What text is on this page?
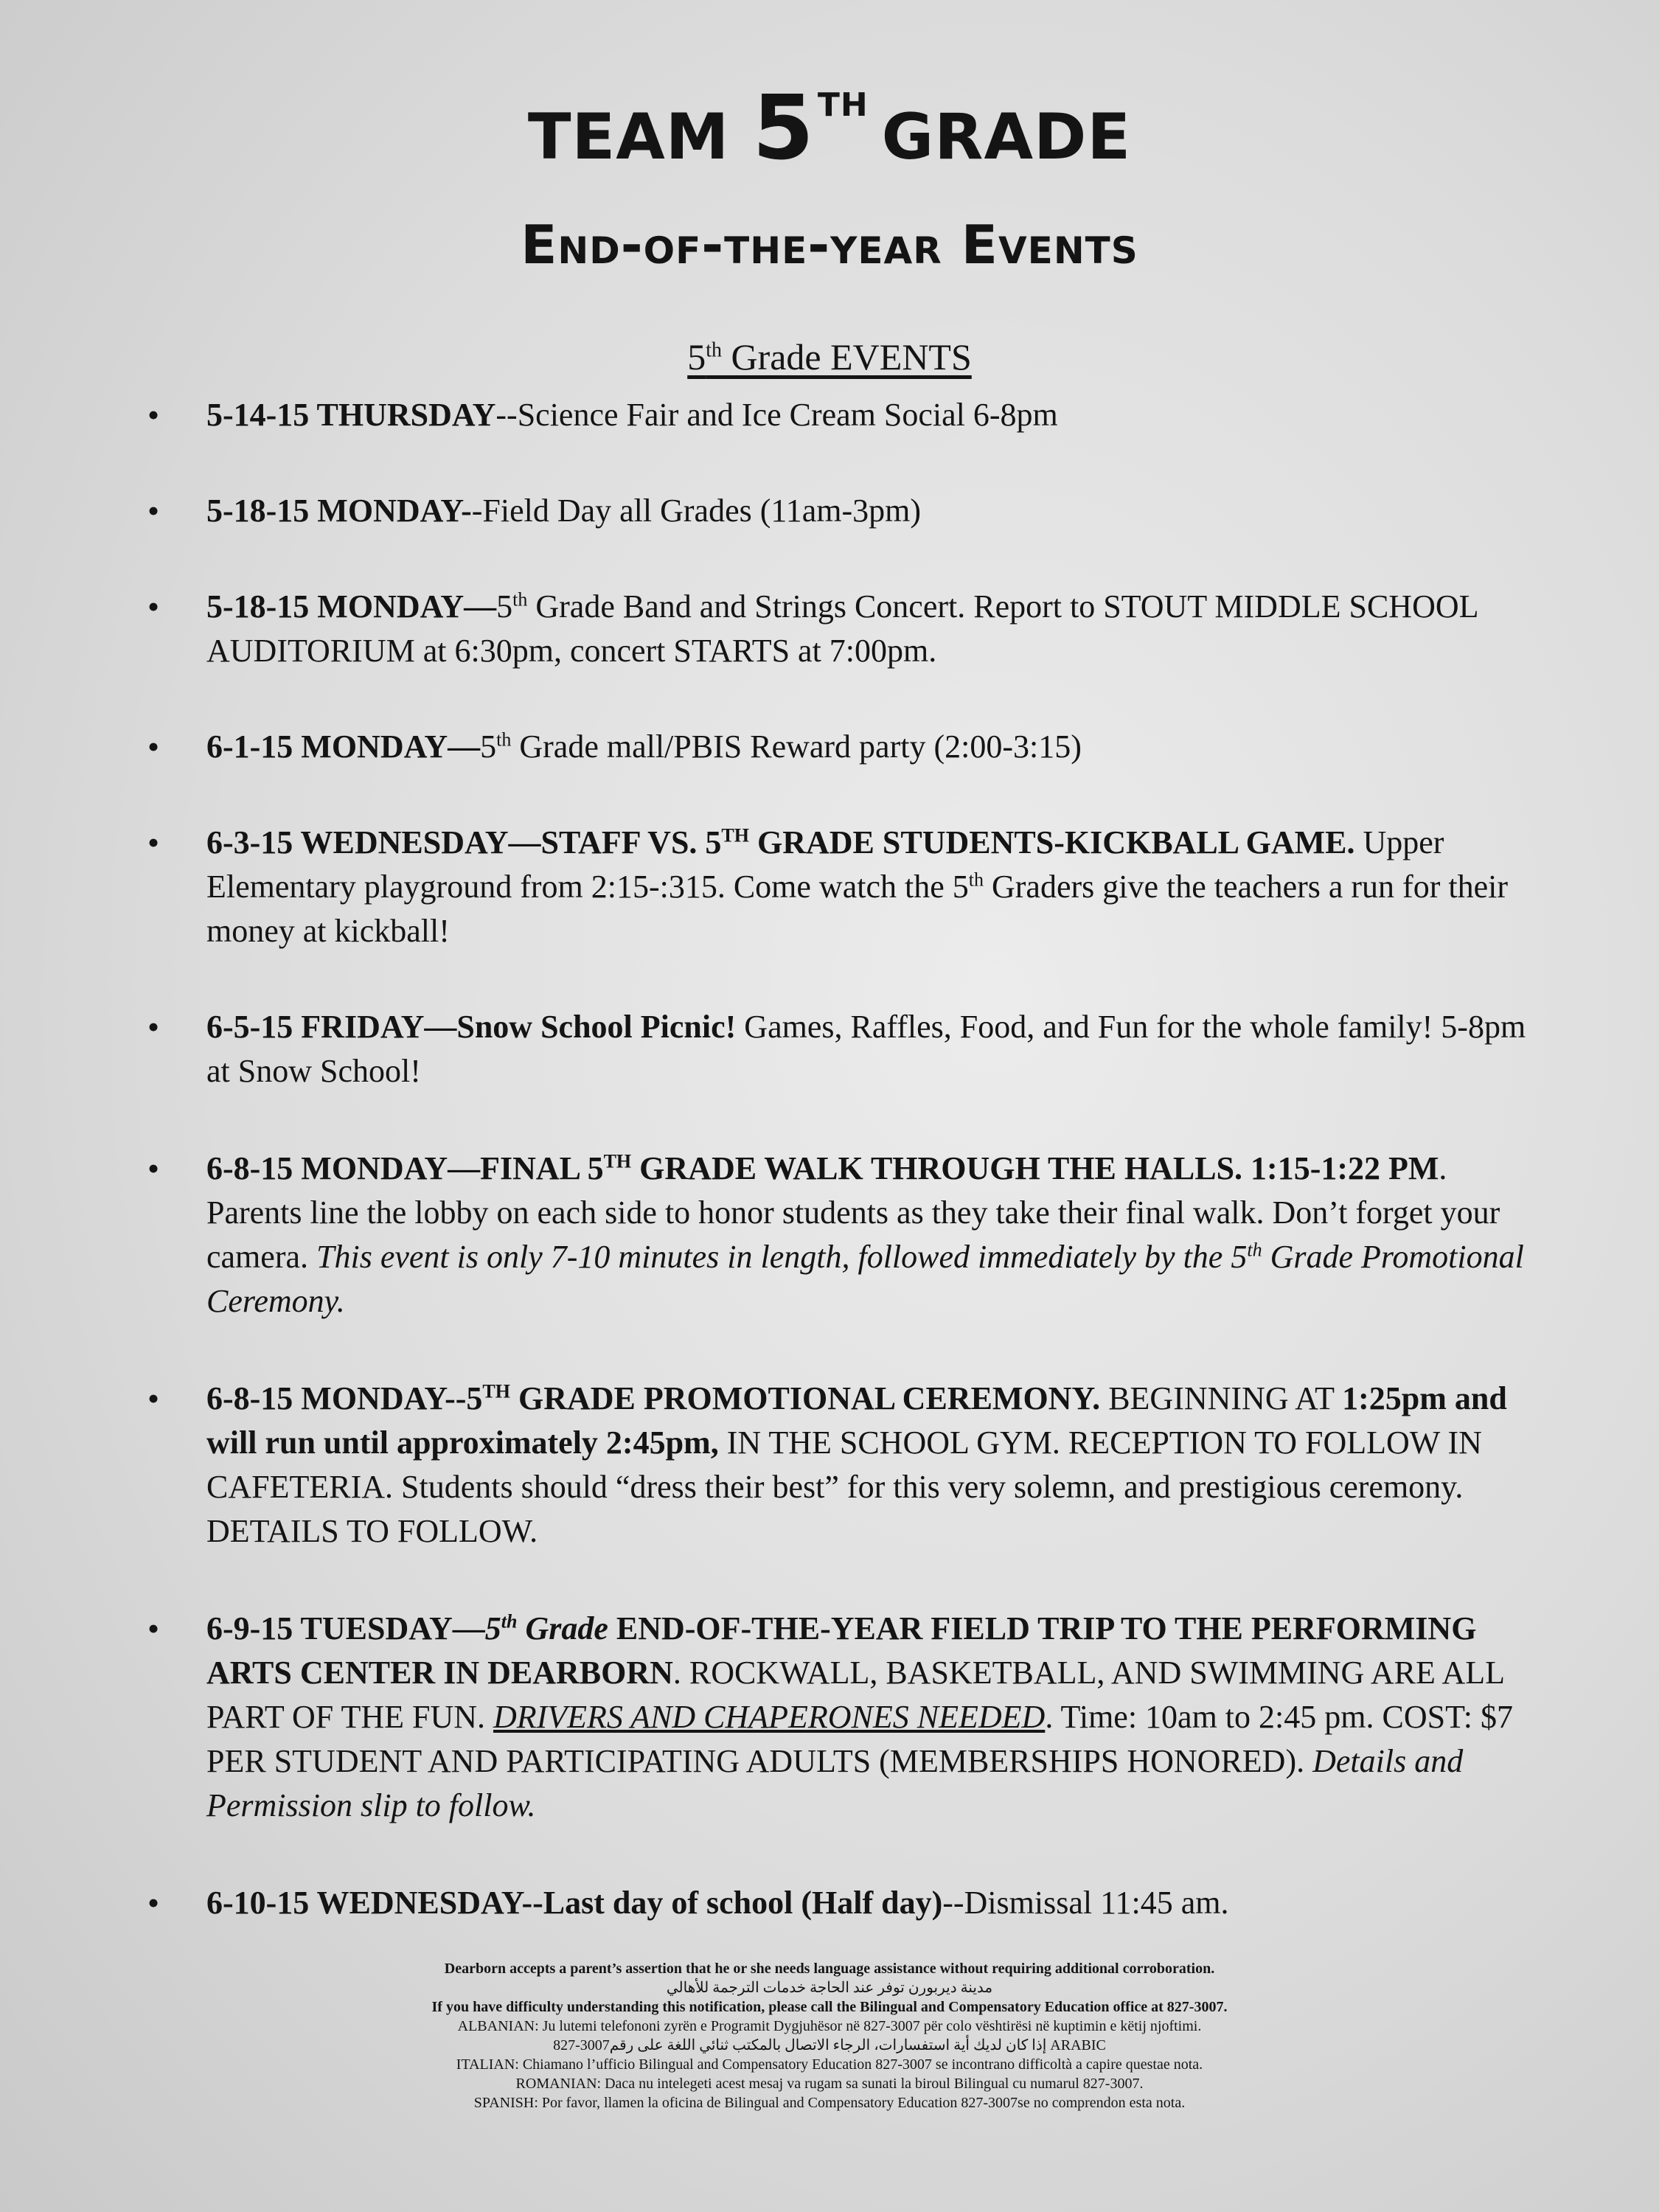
TEAM 5TH GRADE
End-of-the-year Events
5th Grade EVENTS
• 5-14-15 THURSDAY--Science Fair and Ice Cream Social 6-8pm
• 5-18-15 MONDAY--Field Day all Grades (11am-3pm)
• 5-18-15 MONDAY—5th Grade Band and Strings Concert. Report to STOUT MIDDLE SCHOOL AUDITORIUM at 6:30pm, concert STARTS at 7:00pm.
• 6-1-15 MONDAY—5th Grade mall/PBIS Reward party (2:00-3:15)
• 6-3-15 WEDNESDAY—STAFF VS. 5TH GRADE STUDENTS-KICKBALL GAME. Upper Elementary playground from 2:15-:315. Come watch the 5th Graders give the teachers a run for their money at kickball!
• 6-5-15 FRIDAY—Snow School Picnic! Games, Raffles, Food, and Fun for the whole family! 5-8pm at Snow School!
• 6-8-15 MONDAY—FINAL 5TH GRADE WALK THROUGH THE HALLS. 1:15-1:22 PM. Parents line the lobby on each side to honor students as they take their final walk. Don’t forget your camera. This event is only 7-10 minutes in length, followed immediately by the 5th Grade Promotional Ceremony.
• 6-8-15 MONDAY--5TH GRADE PROMOTIONAL CEREMONY. BEGINNING AT 1:25pm and will run until approximately 2:45pm, IN THE SCHOOL GYM. RECEPTION TO FOLLOW IN CAFETERIA. Students should “dress their best” for this very solemn, and prestigious ceremony. DETAILS TO FOLLOW.
• 6-9-15 TUESDAY—5th Grade END-OF-THE-YEAR FIELD TRIP TO THE PERFORMING ARTS CENTER IN DEARBORN. ROCKWALL, BASKETBALL, AND SWIMMING ARE ALL PART OF THE FUN. DRIVERS AND CHAPERONES NEEDED. Time: 10am to 2:45 pm. COST: $7 PER STUDENT AND PARTICIPATING ADULTS (MEMBERSHIPS HONORED). Details and Permission slip to follow.
• 6-10-15 WEDNESDAY--Last day of school (Half day)--Dismissal 11:45 am.
Dearborn accepts a parent’s assertion that he or she needs language assistance without requiring additional corroboration.
مدينة ديربورن توفر عند الحاجة خدمات الترجمة للأهالي
If you have difficulty understanding this notification, please call the Bilingual and Compensatory Education office at 827-3007.
ALBANIAN: Ju lutemi telefononi zyrën e Programit Dygjuhësor në 827-3007 për colo vështirësi në kuptimin e këtij njoftimi.
إذا كان لديك أية استفسارات، الرجاء الاتصال بالمكتب ثنائي اللغة على رقم3007-827 ARABIC
ITALIAN: Chiamano l’ufficio Bilingual and Compensatory Education 827-3007 se incontrano difficoltà a capire questae nota.
ROMANIAN: Daca nu intelegeti acest mesaj va rugam sa sunati la biroul Bilingual cu numarul 827-3007.
SPANISH: Por favor, llamen la oficina de Bilingual and Compensatory Education 827-3007se no comprendon esta nota.
